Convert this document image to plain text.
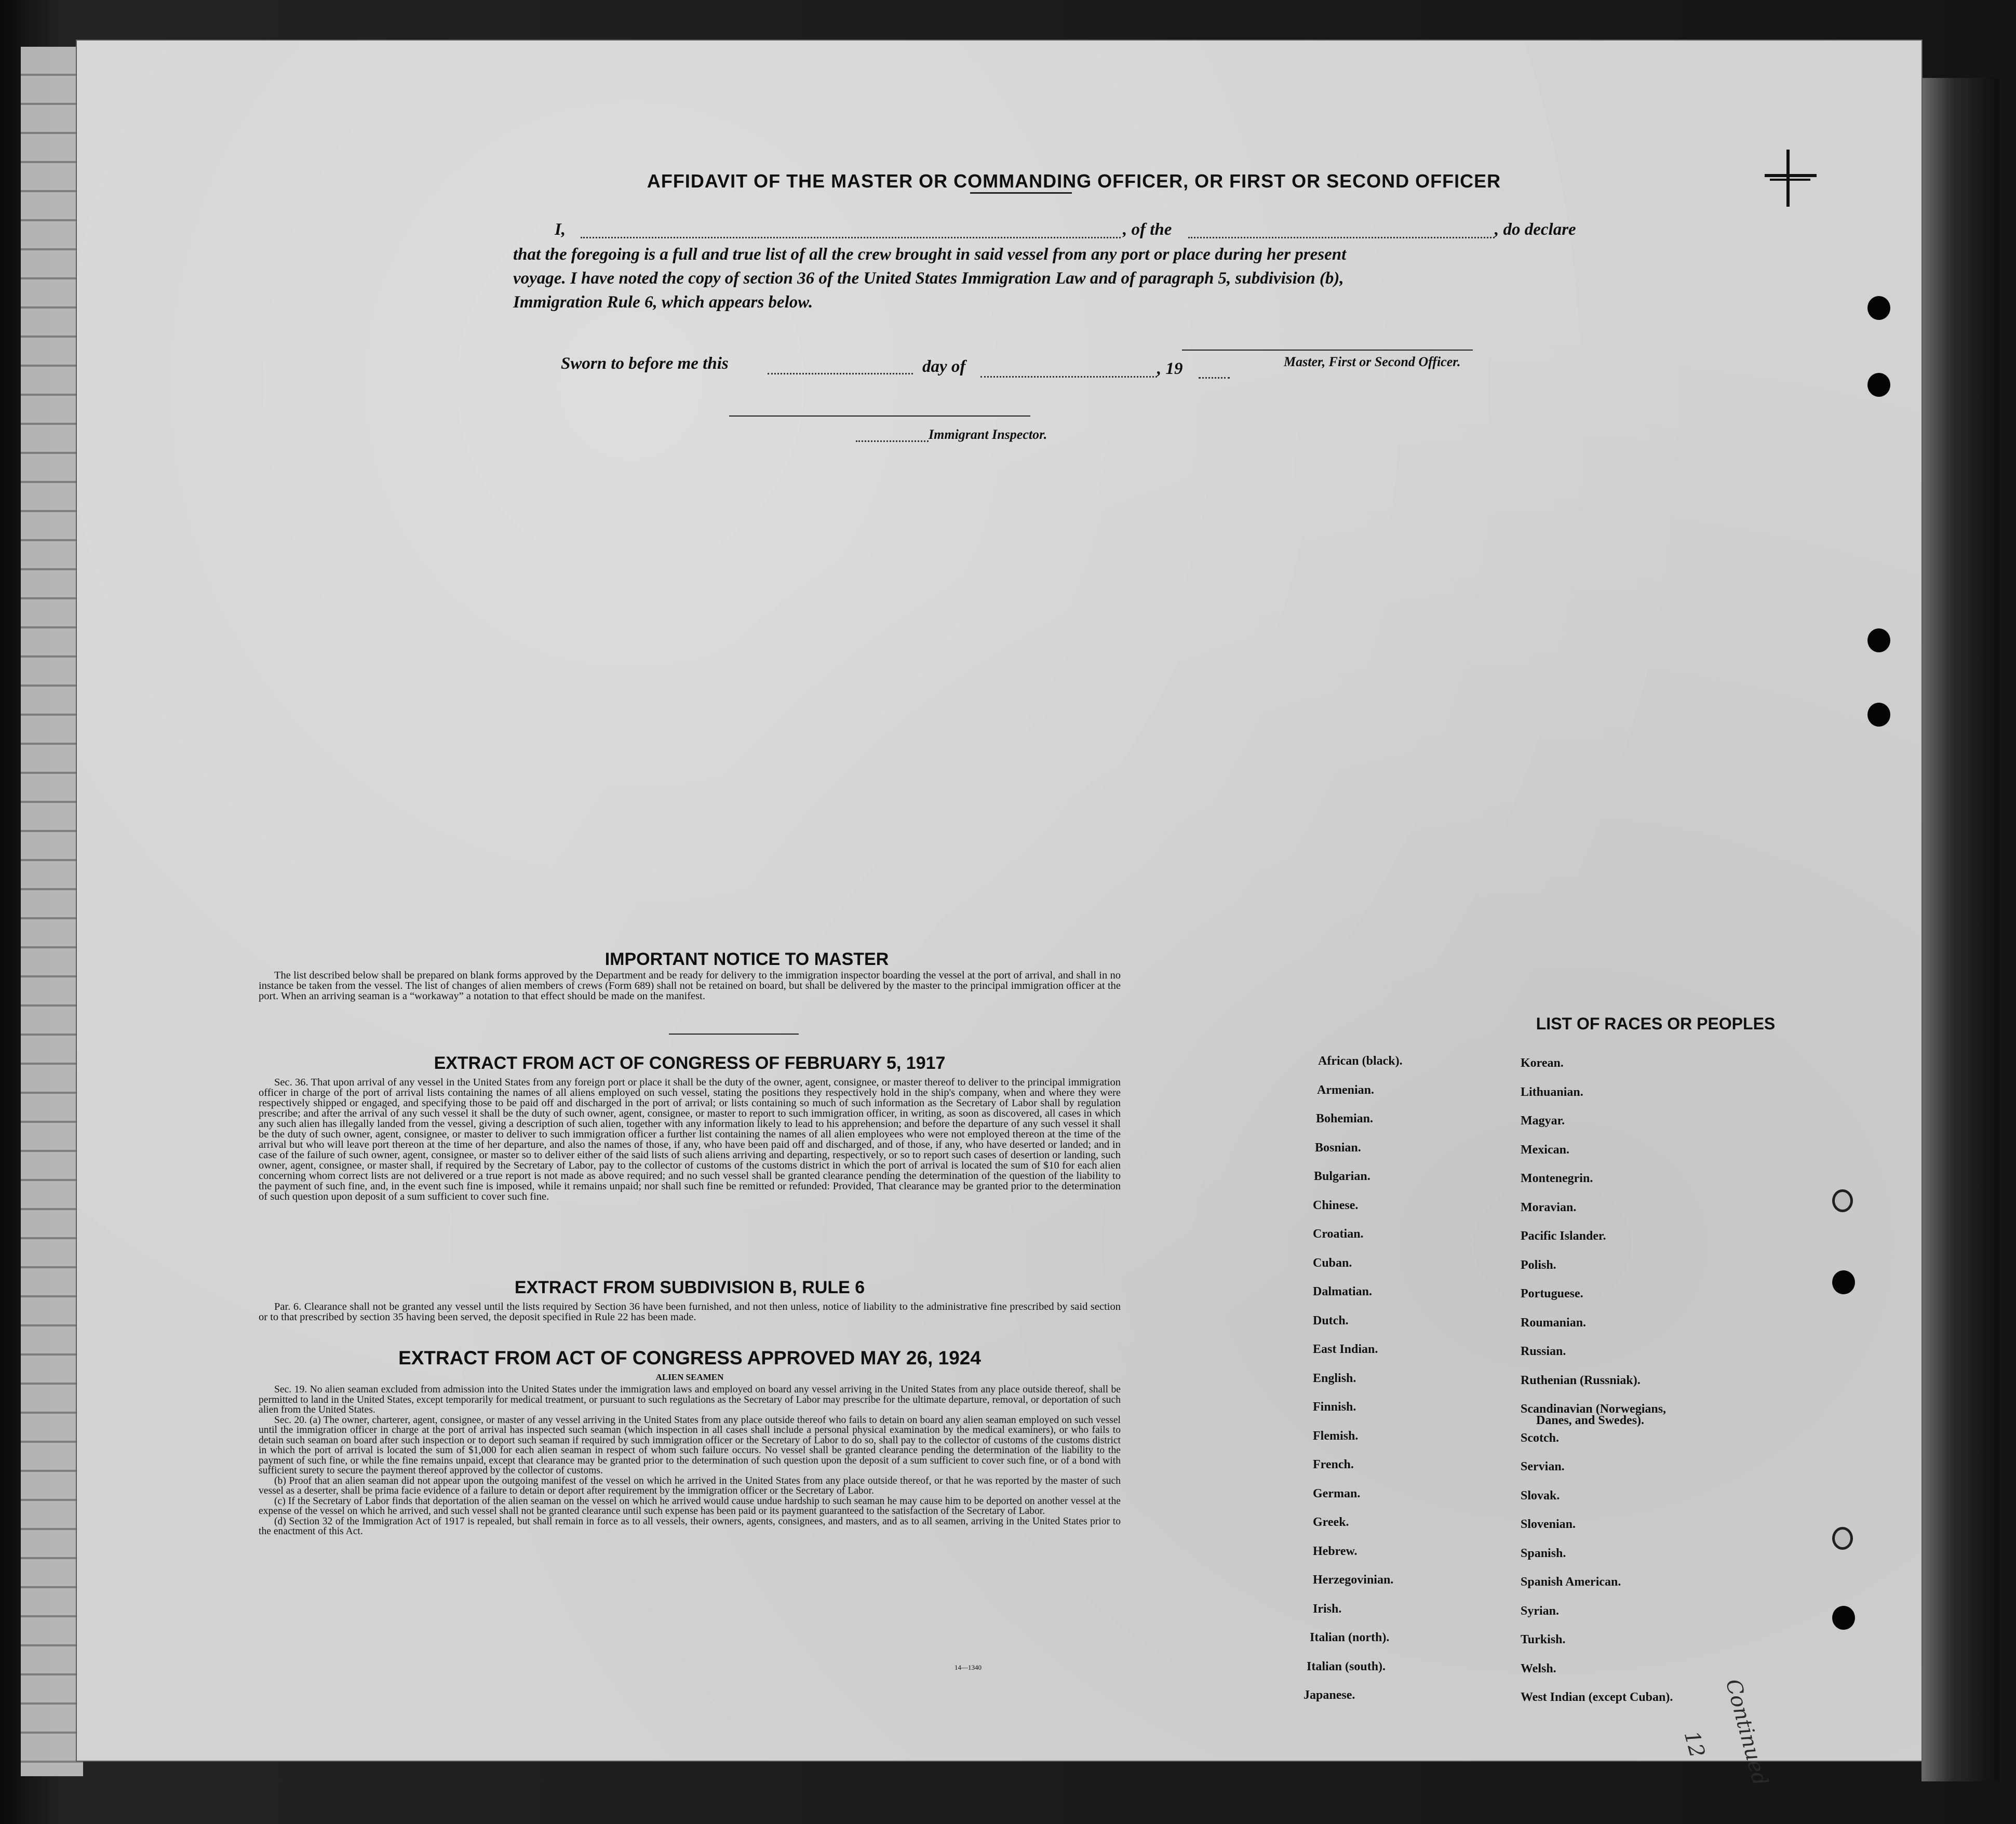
AFFIDAVIT OF THE MASTER OR COMMANDING OFFICER, OR FIRST OR SECOND OFFICER
I,	, of the	, do declare
that the foregoing is a full and true list of all the crew brought in said vessel from any port or place during her present
voyage. I have noted the copy of section 36 of the United States Immigration Law and of paragraph 5, subdivision (b),
Immigration Rule 6, which appears below.
Master, First or Second Officer.
Sworn to before me this	day of	, 19
Immigrant Inspector.
IMPORTANT NOTICE TO MASTER

The list described below shall be prepared on blank forms approved by the Department and be ready for delivery to the immigration inspector boarding the vessel at the port of arrival, and shall in no instance be taken from the vessel. The list of changes of alien members of crews (Form 689) shall not be retained on board, but shall be delivered by the master to the principal immigration officer at the port. When an arriving seaman is a “workaway” a notation to that effect should be made on the manifest.

EXTRACT FROM ACT OF CONGRESS OF FEBRUARY 5, 1917

Sec. 36. That upon arrival of any vessel in the United States from any foreign port or place it shall be the duty of the owner, agent, consignee, or master thereof to deliver to the principal immigration officer in charge of the port of arrival lists containing the names of all aliens employed on such vessel, stating the positions they respectively hold in the ship's company, when and where they were respectively shipped or engaged, and specifying those to be paid off and discharged in the port of arrival; or lists containing so much of such information as the Secretary of Labor shall by regulation prescribe; and after the arrival of any such vessel it shall be the duty of such owner, agent, consignee, or master to report to such immigration officer, in writing, as soon as discovered, all cases in which any such alien has illegally landed from the vessel, giving a description of such alien, together with any information likely to lead to his apprehension; and before the departure of any such vessel it shall be the duty of such owner, agent, consignee, or master to deliver to such immigration officer a further list containing the names of all alien employees who were not employed thereon at the time of the arrival but who will leave port thereon at the time of her departure, and also the names of those, if any, who have been paid off and discharged, and of those, if any, who have deserted or landed; and in case of the failure of such owner, agent, consignee, or master so to deliver either of the said lists of such aliens arriving and departing, respectively, or so to report such cases of desertion or landing, such owner, agent, consignee, or master shall, if required by the Secretary of Labor, pay to the collector of customs of the customs district in which the port of arrival is located the sum of $10 for each alien concerning whom correct lists are not delivered or a true report is not made as above required; and no such vessel shall be granted clearance pending the determination of the question of the liability to the payment of such fine, and, in the event such fine is imposed, while it remains unpaid; nor shall such fine be remitted or refunded: Provided, That clearance may be granted prior to the determination of such question upon deposit of a sum sufficient to cover such fine.

EXTRACT FROM SUBDIVISION B, RULE 6

Par. 6. Clearance shall not be granted any vessel until the lists required by Section 36 have been furnished, and not then unless, notice of liability to the administrative fine prescribed by said section or to that prescribed by section 35 having been served, the deposit specified in Rule 22 has been made.

EXTRACT FROM ACT OF CONGRESS APPROVED MAY 26, 1924
ALIEN SEAMEN

Sec. 19. No alien seaman excluded from admission into the United States under the immigration laws and employed on board any vessel arriving in the United States from any place outside thereof, shall be permitted to land in the United States, except temporarily for medical treatment, or pursuant to such regulations as the Secretary of Labor may prescribe for the ultimate departure, removal, or deportation of such alien from the United States.

Sec. 20. (a) The owner, charterer, agent, consignee, or master of any vessel arriving in the United States from any place outside thereof who fails to detain on board any alien seaman employed on such vessel until the immigration officer in charge at the port of arrival has inspected such seaman (which inspection in all cases shall include a personal physical examination by the medical examiners), or who fails to detain such seaman on board after such inspection or to deport such seaman if required by such immigration officer or the Secretary of Labor to do so, shall pay to the collector of customs of the customs district in which the port of arrival is located the sum of $1,000 for each alien seaman in respect of whom such failure occurs. No vessel shall be granted clearance pending the determination of the liability to the payment of such fine, or while the fine remains unpaid, except that clearance may be granted prior to the determination of such question upon the deposit of a sum sufficient to cover such fine, or of a bond with sufficient surety to secure the payment thereof approved by the collector of customs.

(b) Proof that an alien seaman did not appear upon the outgoing manifest of the vessel on which he arrived in the United States from any place outside thereof, or that he was reported by the master of such vessel as a deserter, shall be prima facie evidence of a failure to detain or deport after requirement by the immigration officer or the Secretary of Labor.

(c) If the Secretary of Labor finds that deportation of the alien seaman on the vessel on which he arrived would cause undue hardship to such seaman he may cause him to be deported on another vessel at the expense of the vessel on which he arrived, and such vessel shall not be granted clearance until such expense has been paid or its payment guaranteed to the satisfaction of the Secretary of Labor.

(d) Section 32 of the Immigration Act of 1917 is repealed, but shall remain in force as to all vessels, their owners, agents, consignees, and masters, and as to all seamen, arriving in the United States prior to the enactment of this Act.

14—1340
LIST OF RACES OR PEOPLES
Continued
12
African (black).
Armenian.
Bohemian.
Bosnian.
Bulgarian.
Chinese.
Croatian.
Cuban.
Dalmatian.
Dutch.
East Indian.
English.
Finnish.
Flemish.
French.
German.
Greek.
Hebrew.
Herzegovinian.
Irish.
Italian (north).
Italian (south).
Japanese.
Korean.
Lithuanian.
Magyar.
Mexican.
Montenegrin.
Moravian.
Pacific Islander.
Polish.
Portuguese.
Roumanian.
Russian.
Ruthenian (Russniak).
Scandinavian (Norwegians,
Danes, and Swedes).
Scotch.
Servian.
Slovak.
Slovenian.
Spanish.
Spanish American.
Syrian.
Turkish.
Welsh.
West Indian (except Cuban).
